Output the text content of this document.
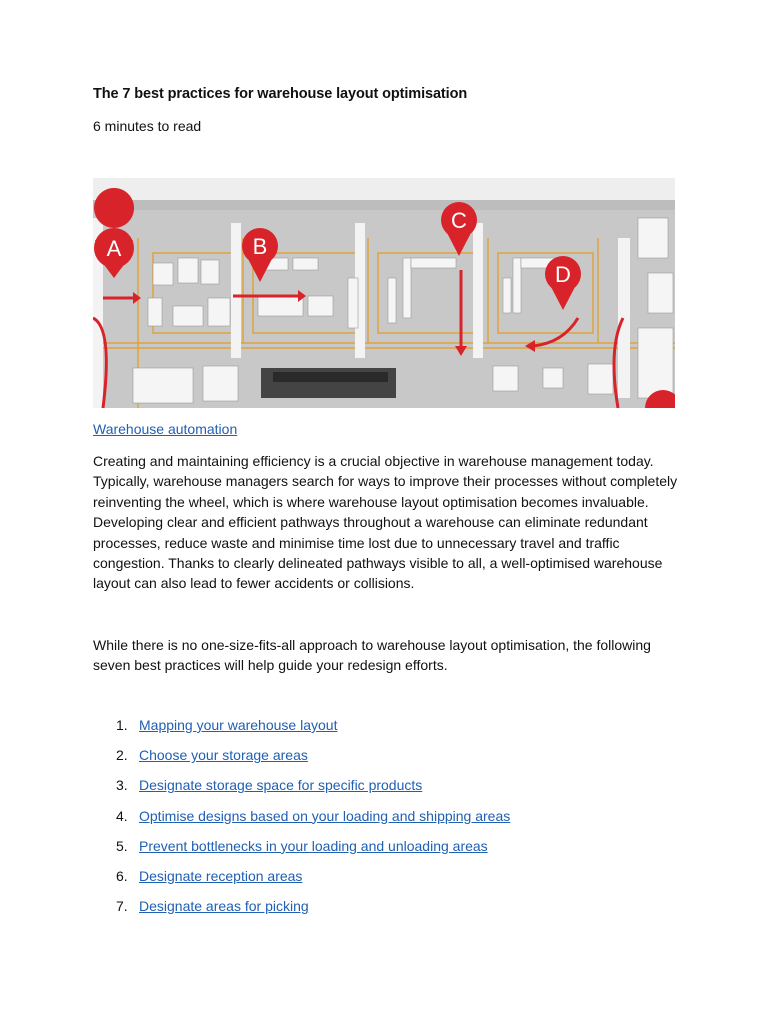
The 7 best practices for warehouse layout optimisation
6 minutes to read
A	B
C
D
Warehouse automation

Creating and maintaining efficiency is a crucial objective in warehouse management today. Typically, warehouse managers search for ways to improve their processes without completely reinventing the wheel, which is where warehouse layout optimisation becomes invaluable.
Developing clear and efficient pathways throughout a warehouse can eliminate redundant processes, reduce waste and minimise time lost due to unnecessary travel and traffic congestion. Thanks to clearly delineated pathways visible to all, a well-optimised warehouse layout can also lead to fewer accidents or collisions.

While there is no one-size-fits-all approach to warehouse layout optimisation, the following seven best practices will help guide your redesign efforts.

1. Mapping your warehouse layout
2. Choose your storage areas
3. Designate storage space for specific products
4. Optimise designs based on your loading and shipping areas
5. Prevent bottlenecks in your loading and unloading areas
6. Designate reception areas
7. Designate areas for picking
